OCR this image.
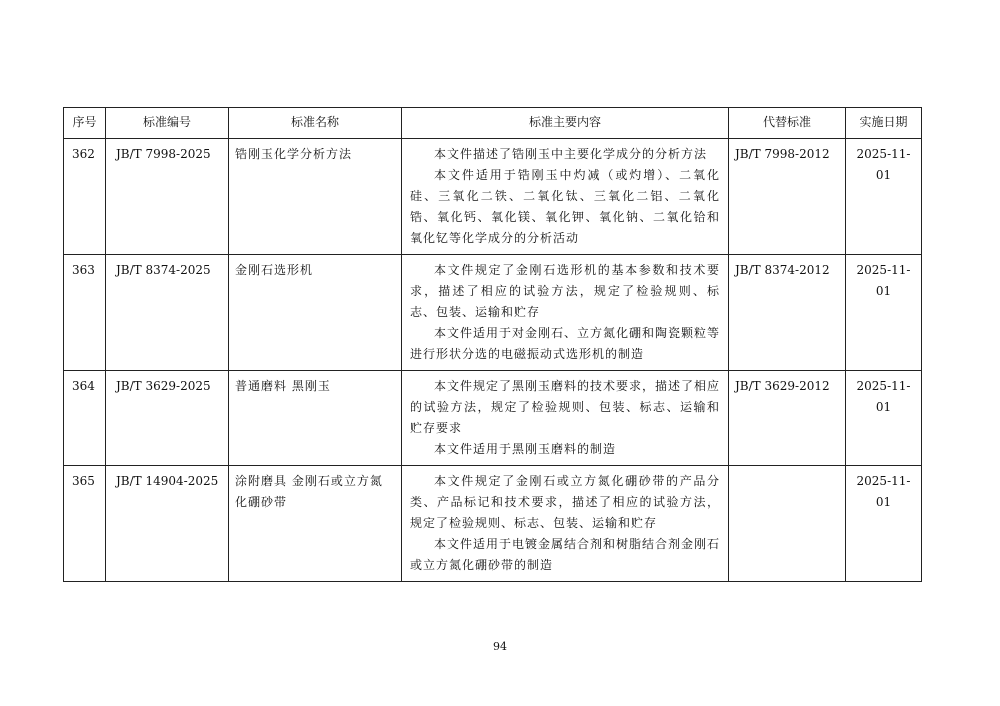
序号	标准编号	标准名称	标准主要内容	代替标准	实施日期
362	JB/T 7998-2025	锆刚玉化学分析方法	本文件描述了锆刚玉中主要化学成分的分析方法
本文件适用于锆刚玉中灼减（或灼增）、二氧化硅、三氧化二铁、二氧化钛、三氧化二铝、二氧化锆、氧化钙、氧化镁、氧化钾、氧化钠、二氧化铪和氧化钇等化学成分的分析活动	JB/T 7998-2012	2025-11-01
363	JB/T 8374-2025	金刚石选形机	本文件规定了金刚石选形机的基本参数和技术要求，描述了相应的试验方法，规定了检验规则、标志、包装、运输和贮存
本文件适用于对金刚石、立方氮化硼和陶瓷颗粒等进行形状分选的电磁振动式选形机的制造	JB/T 8374-2012	2025-11-01
364	JB/T 3629-2025	普通磨料 黑刚玉	本文件规定了黑刚玉磨料的技术要求，描述了相应的试验方法，规定了检验规则、包装、标志、运输和贮存要求
本文件适用于黑刚玉磨料的制造	JB/T 3629-2012	2025-11-01
365	JB/T 14904-2025	涂附磨具 金刚石或立方氮化硼砂带	本文件规定了金刚石或立方氮化硼砂带的产品分类、产品标记和技术要求，描述了相应的试验方法，规定了检验规则、标志、包装、运输和贮存
本文件适用于电镀金属结合剂和树脂结合剂金刚石或立方氮化硼砂带的制造		2025-11-01
94
